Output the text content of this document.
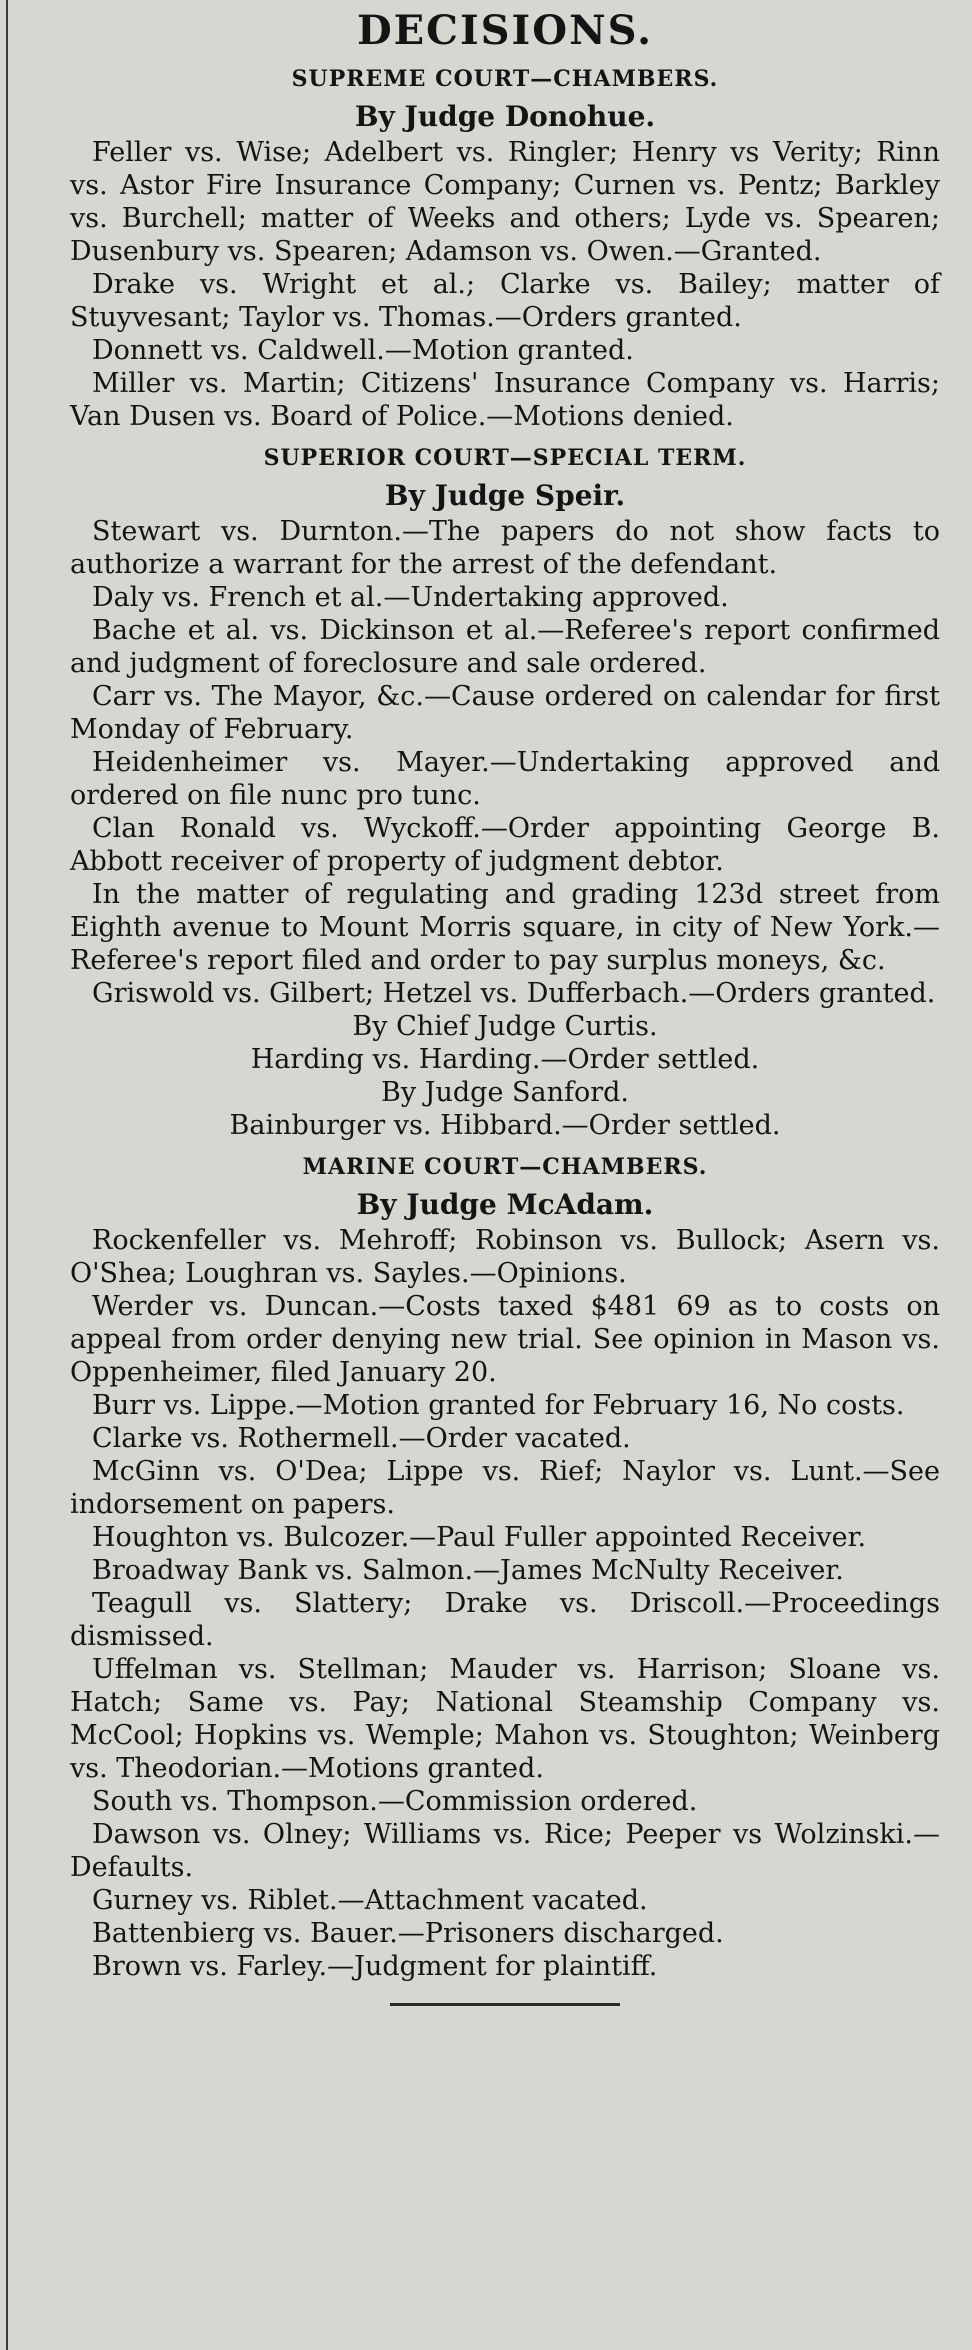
DECISIONS.
SUPREME COURT—CHAMBERS.
By Judge Donohue.

Feller vs. Wise; Adelbert vs. Ringler; Henry vs Verity; Rinn vs. Astor Fire Insurance Company; Curnen vs. Pentz; Barkley vs. Burchell; matter of Weeks and others; Lyde vs. Spearen; Dusenbury vs. Spearen; Adamson vs. Owen.—Granted.

Drake vs. Wright et al.; Clarke vs. Bailey; matter of Stuyvesant; Taylor vs. Thomas.—Orders granted.

Donnett vs. Caldwell.—Motion granted.

Miller vs. Martin; Citizens' Insurance Company vs. Harris; Van Dusen vs. Board of Police.—Motions denied.

SUPERIOR COURT—SPECIAL TERM.
By Judge Speir.

Stewart vs. Durnton.—The papers do not show facts to authorize a warrant for the arrest of the defendant.

Daly vs. French et al.—Undertaking approved.

Bache et al. vs. Dickinson et al.—Referee's report confirmed and judgment of foreclosure and sale ordered.

Carr vs. The Mayor, &c.—Cause ordered on calendar for first Monday of February.

Heidenheimer vs. Mayer.—Undertaking approved and ordered on file nunc pro tunc.

Clan Ronald vs. Wyckoff.—Order appointing George B. Abbott receiver of property of judgment debtor.

In the matter of regulating and grading 123d street from Eighth avenue to Mount Morris square, in city of New York.—Referee's report filed and order to pay surplus moneys, &c.

Griswold vs. Gilbert; Hetzel vs. Dufferbach.—Orders granted.

By Chief Judge Curtis.
Harding vs. Harding.—Order settled.
By Judge Sanford.
Bainburger vs. Hibbard.—Order settled.
MARINE COURT—CHAMBERS.
By Judge McAdam.

Rockenfeller vs. Mehroff; Robinson vs. Bullock; Asern vs. O'Shea; Loughran vs. Sayles.—Opinions.

Werder vs. Duncan.—Costs taxed $481 69 as to costs on appeal from order denying new trial. See opinion in Mason vs. Oppenheimer, filed January 20.

Burr vs. Lippe.—Motion granted for February 16, No costs.

Clarke vs. Rothermell.—Order vacated.

McGinn vs. O'Dea; Lippe vs. Rief; Naylor vs. Lunt.—See indorsement on papers.

Houghton vs. Bulcozer.—Paul Fuller appointed Receiver.

Broadway Bank vs. Salmon.—James McNulty Receiver.

Teagull vs. Slattery; Drake vs. Driscoll.—Proceedings dismissed.

Uffelman vs. Stellman; Mauder vs. Harrison; Sloane vs. Hatch; Same vs. Pay; National Steamship Company vs. McCool; Hopkins vs. Wemple; Mahon vs. Stoughton; Weinberg vs. Theodorian.—Motions granted.

South vs. Thompson.—Commission ordered.

Dawson vs. Olney; Williams vs. Rice; Peeper vs Wolzinski.—Defaults.

Gurney vs. Riblet.—Attachment vacated.

Battenbierg vs. Bauer.—Prisoners discharged.

Brown vs. Farley.—Judgment for plaintiff.
